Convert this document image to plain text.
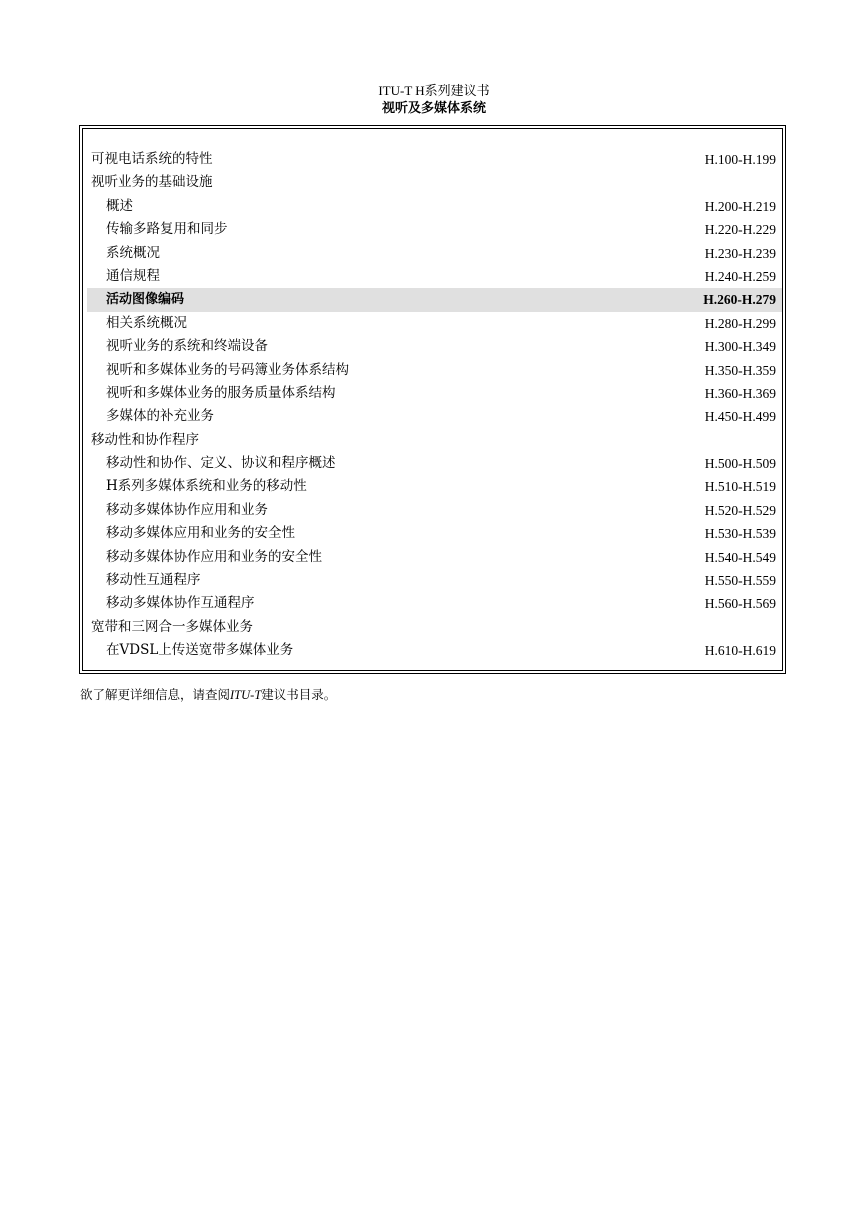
ITU-T H系列建议书
视听及多媒体系统
可视电话系统的特性	H.100-H.199
视听业务的基础设施
概述	H.200-H.219
传输多路复用和同步	H.220-H.229
系统概况	H.230-H.239
通信规程	H.240-H.259
活动图像编码	H.260-H.279
相关系统概况	H.280-H.299
视听业务的系统和终端设备	H.300-H.349
视听和多媒体业务的号码簿业务体系结构	H.350-H.359
视听和多媒体业务的服务质量体系结构	H.360-H.369
多媒体的补充业务	H.450-H.499
移动性和协作程序
移动性和协作、定义、协议和程序概述	H.500-H.509
H系列多媒体系统和业务的移动性	H.510-H.519
移动多媒体协作应用和业务	H.520-H.529
移动多媒体应用和业务的安全性	H.530-H.539
移动多媒体协作应用和业务的安全性	H.540-H.549
移动性互通程序	H.550-H.559
移动多媒体协作互通程序	H.560-H.569
宽带和三网合一多媒体业务
在VDSL上传送宽带多媒体业务	H.610-H.619
欲了解更详细信息，请查阅ITU-T建议书目录。
